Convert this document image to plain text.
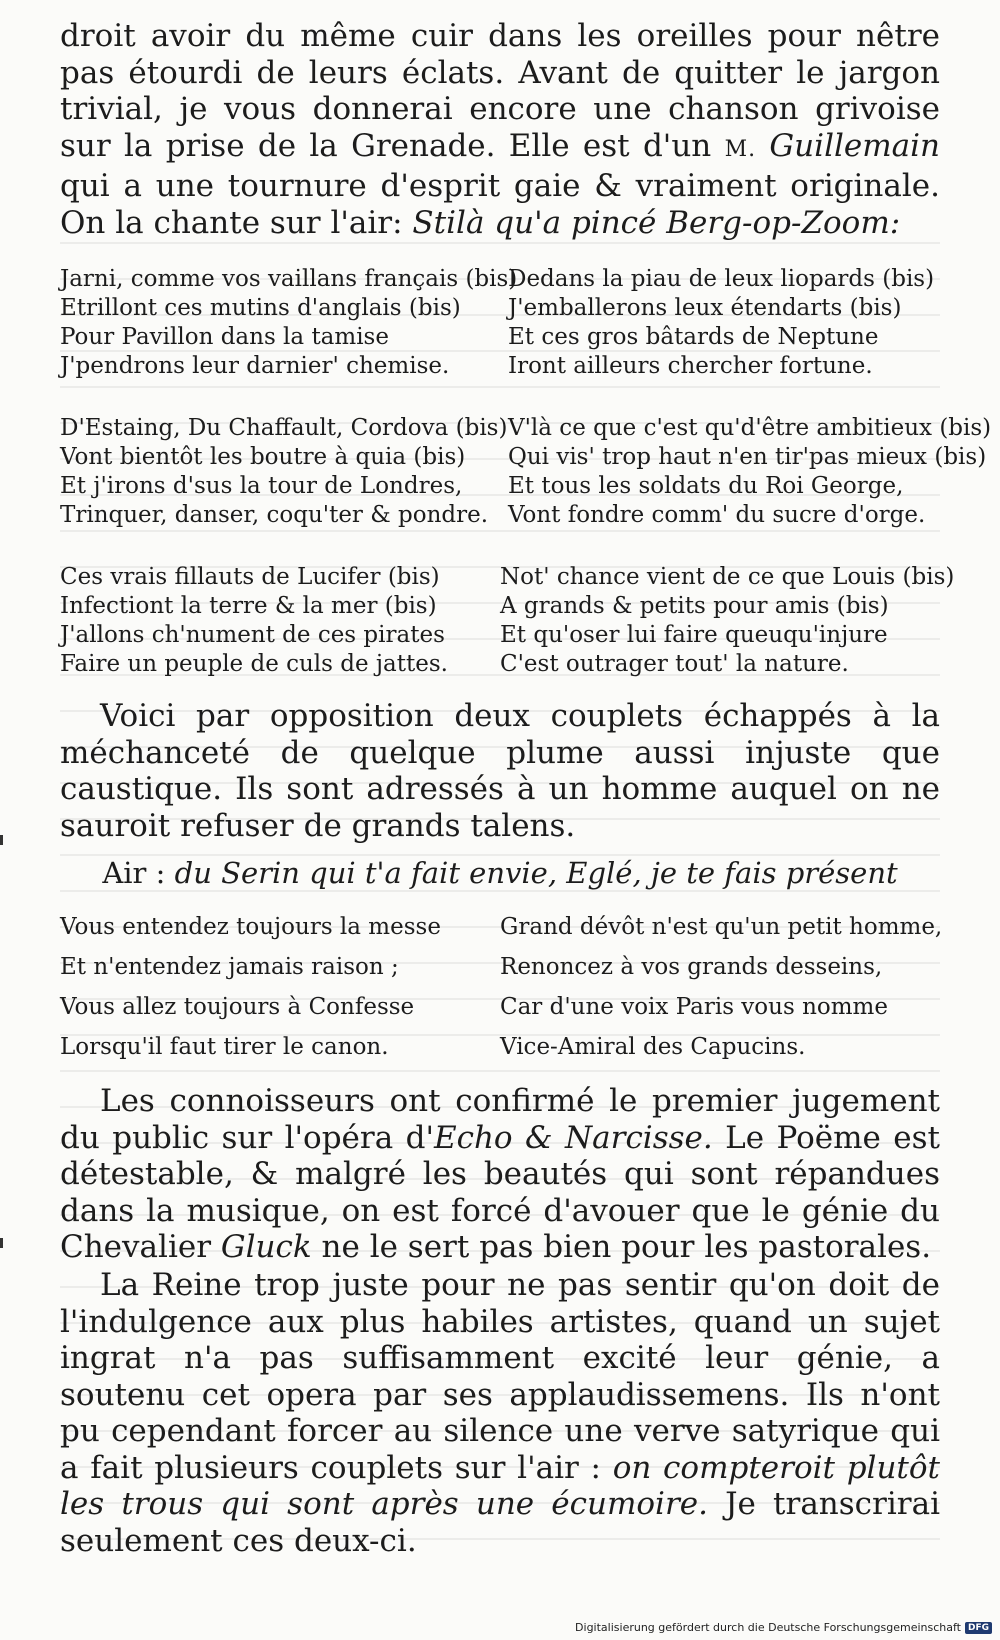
droit avoir du même cuir dans les oreilles pour nêtre pas étourdi de leurs éclats. Avant de quitter le jargon trivial, je vous donnerai encore une chanson grivoise sur la prise de la Grenade. Elle est d'un M. Guillemain qui a une tournure d'esprit gaie & vraiment originale. On la chante sur l'air: Stilà qu'a pincé Berg-op-Zoom:

Jarni, comme vos vaillans français (bis)
Etrillont ces mutins d'anglais (bis)
Pour Pavillon dans la tamise
J'pendrons leur darnier' chemise.
Dedans la piau de leux liopards (bis)
J'emballerons leux étendarts (bis)
Et ces gros bâtards de Neptune
Iront ailleurs chercher fortune.
D'Estaing, Du Chaffault, Cordova (bis)
Vont bientôt les boutre à quia (bis)
Et j'irons d'sus la tour de Londres,
Trinquer, danser, coqu'ter & pondre.
V'là ce que c'est qu'd'être ambitieux (bis)
Qui vis' trop haut n'en tir'pas mieux (bis)
Et tous les soldats du Roi George,
Vont fondre comm' du sucre d'orge.
Ces vrais fillauts de Lucifer (bis)
Infectiont la terre & la mer (bis)
J'allons ch'nument de ces pirates
Faire un peuple de culs de jattes.
Not' chance vient de ce que Louis (bis)
A grands & petits pour amis (bis)
Et qu'oser lui faire queuqu'injure
C'est outrager tout' la nature.

Voici par opposition deux couplets échappés à la méchanceté de quelque plume aussi injuste que caustique. Ils sont adressés à un homme auquel on ne sauroit refuser de grands talens.

Air : du Serin qui t'a fait envie, Eglé, je te fais présent

Vous entendez toujours la messe
Et n'entendez jamais raison ;
Vous allez toujours à Confesse
Lorsqu'il faut tirer le canon.
Grand dévôt n'est qu'un petit homme,
Renoncez à vos grands desseins,
Car d'une voix Paris vous nomme
Vice-Amiral des Capucins.

Les connoisseurs ont confirmé le premier jugement du public sur l'opéra d'Echo & Narcisse. Le Poëme est détestable, & malgré les beautés qui sont répandues dans la musique, on est forcé d'avouer que le génie du Chevalier Gluck ne le sert pas bien pour les pastorales.

La Reine trop juste pour ne pas sentir qu'on doit de l'indulgence aux plus habiles artistes, quand un sujet ingrat n'a pas suffisamment excité leur génie, a soutenu cet opera par ses applaudissemens. Ils n'ont pu cependant forcer au silence une verve satyrique qui a fait plusieurs couplets sur l'air : on compteroit plutôt les trous qui sont après une écumoire. Je transcrirai seulement ces deux-ci.

Digitalisierung gefördert durch die Deutsche Forschungsgemeinschaft DFG
